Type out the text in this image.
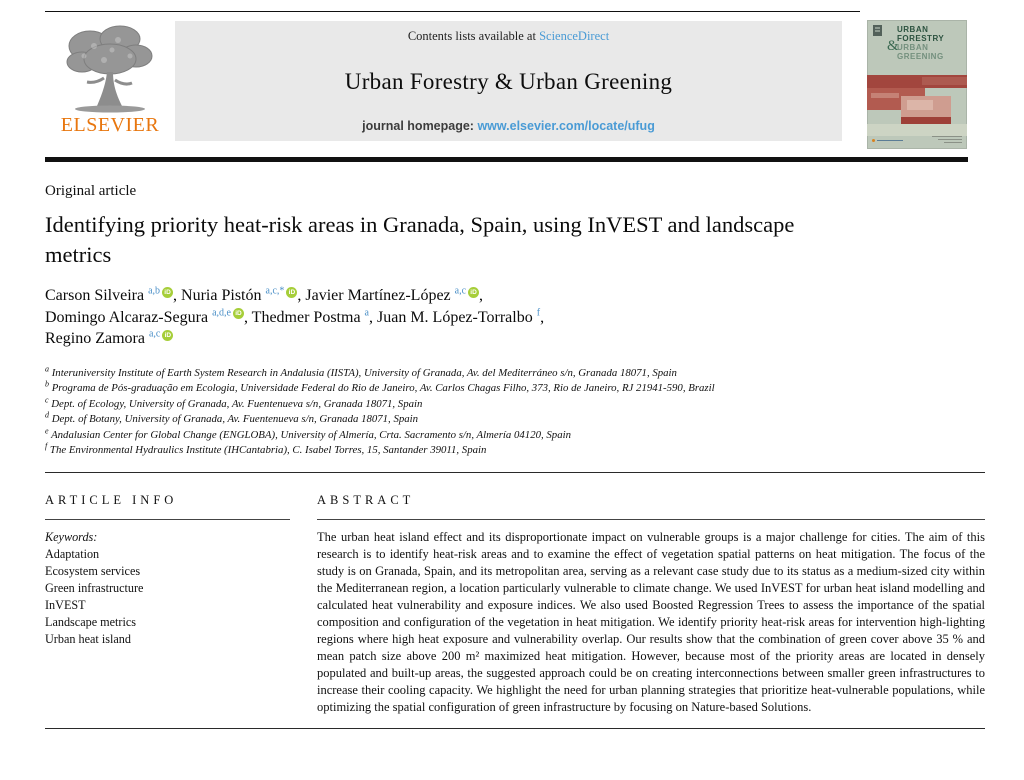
ELSEVIER
Contents lists available at ScienceDirect
Urban Forestry & Urban Greening
journal homepage: www.elsevier.com/locate/ufug
&
URBAN
FORESTRY
URBAN
GREENING
Original article
Identifying priority heat-risk areas in Granada, Spain, using InVEST and landscape metrics
Carson Silveira $^{a,b}$ iD , Nuria Pistón $^{a,c,*}$ iD , Javier Martínez-López $^{a,c}$ iD ,
Domingo Alcaraz-Segura $^{a,d,e}$ iD , Thedmer Postma $^a$, Juan M. López-Torralbo $^f$,
Regino Zamora $^{a,c}$ iD
$^a$ Interuniversity Institute of Earth System Research in Andalusia (IISTA), University of Granada, Av. del Mediterráneo s/n, Granada 18071, Spain
$^b$ Programa de Pós-graduação em Ecologia, Universidade Federal do Rio de Janeiro, Av. Carlos Chagas Filho, 373, Rio de Janeiro, RJ 21941-590, Brazil
$^c$ Dept. of Ecology, University of Granada, Av. Fuentenueva s/n, Granada 18071, Spain
$^d$ Dept. of Botany, University of Granada, Av. Fuentenueva s/n, Granada 18071, Spain
$^e$ Andalusian Center for Global Change (ENGLOBA), University of Almería, Crta. Sacramento s/n, Almería 04120, Spain
$^f$ The Environmental Hydraulics Institute (IHCantabria), C. Isabel Torres, 15, Santander 39011, Spain
ARTICLE INFO
Keywords:
Adaptation
Ecosystem services
Green infrastructure
InVEST
Landscape metrics
Urban heat island
ABSTRACT
The urban heat island effect and its disproportionate impact on vulnerable groups is a major challenge for cities. The aim of this research is to identify heat-risk areas and to examine the effect of vegetation spatial patterns on heat mitigation. The focus of the study is on Granada, Spain, and its metropolitan area, serving as a relevant case study due to its status as a medium-sized city within the Mediterranean region, a location particularly vulnerable to climate change. We used InVEST for urban heat island modelling and calculated heat vulnerability and exposure indices. We also used Boosted Regression Trees to assess the importance of the spatial composition and configuration of the vegetation in heat mitigation. We identify priority heat-risk areas for intervention high-lighting regions where high heat exposure and vulnerability overlap. Our results show that the combination of green cover above 35 % and mean patch size above 200 m² maximized heat mitigation. However, because most of the priority areas are located in densely populated and built-up areas, the suggested approach could be on creating interconnections between smaller green infrastructures to increase their cooling capacity. We highlight the need for urban planning strategies that prioritize heat-vulnerable populations, while optimizing the spatial configuration of green infrastructure by focusing on Nature-based Solutions.
